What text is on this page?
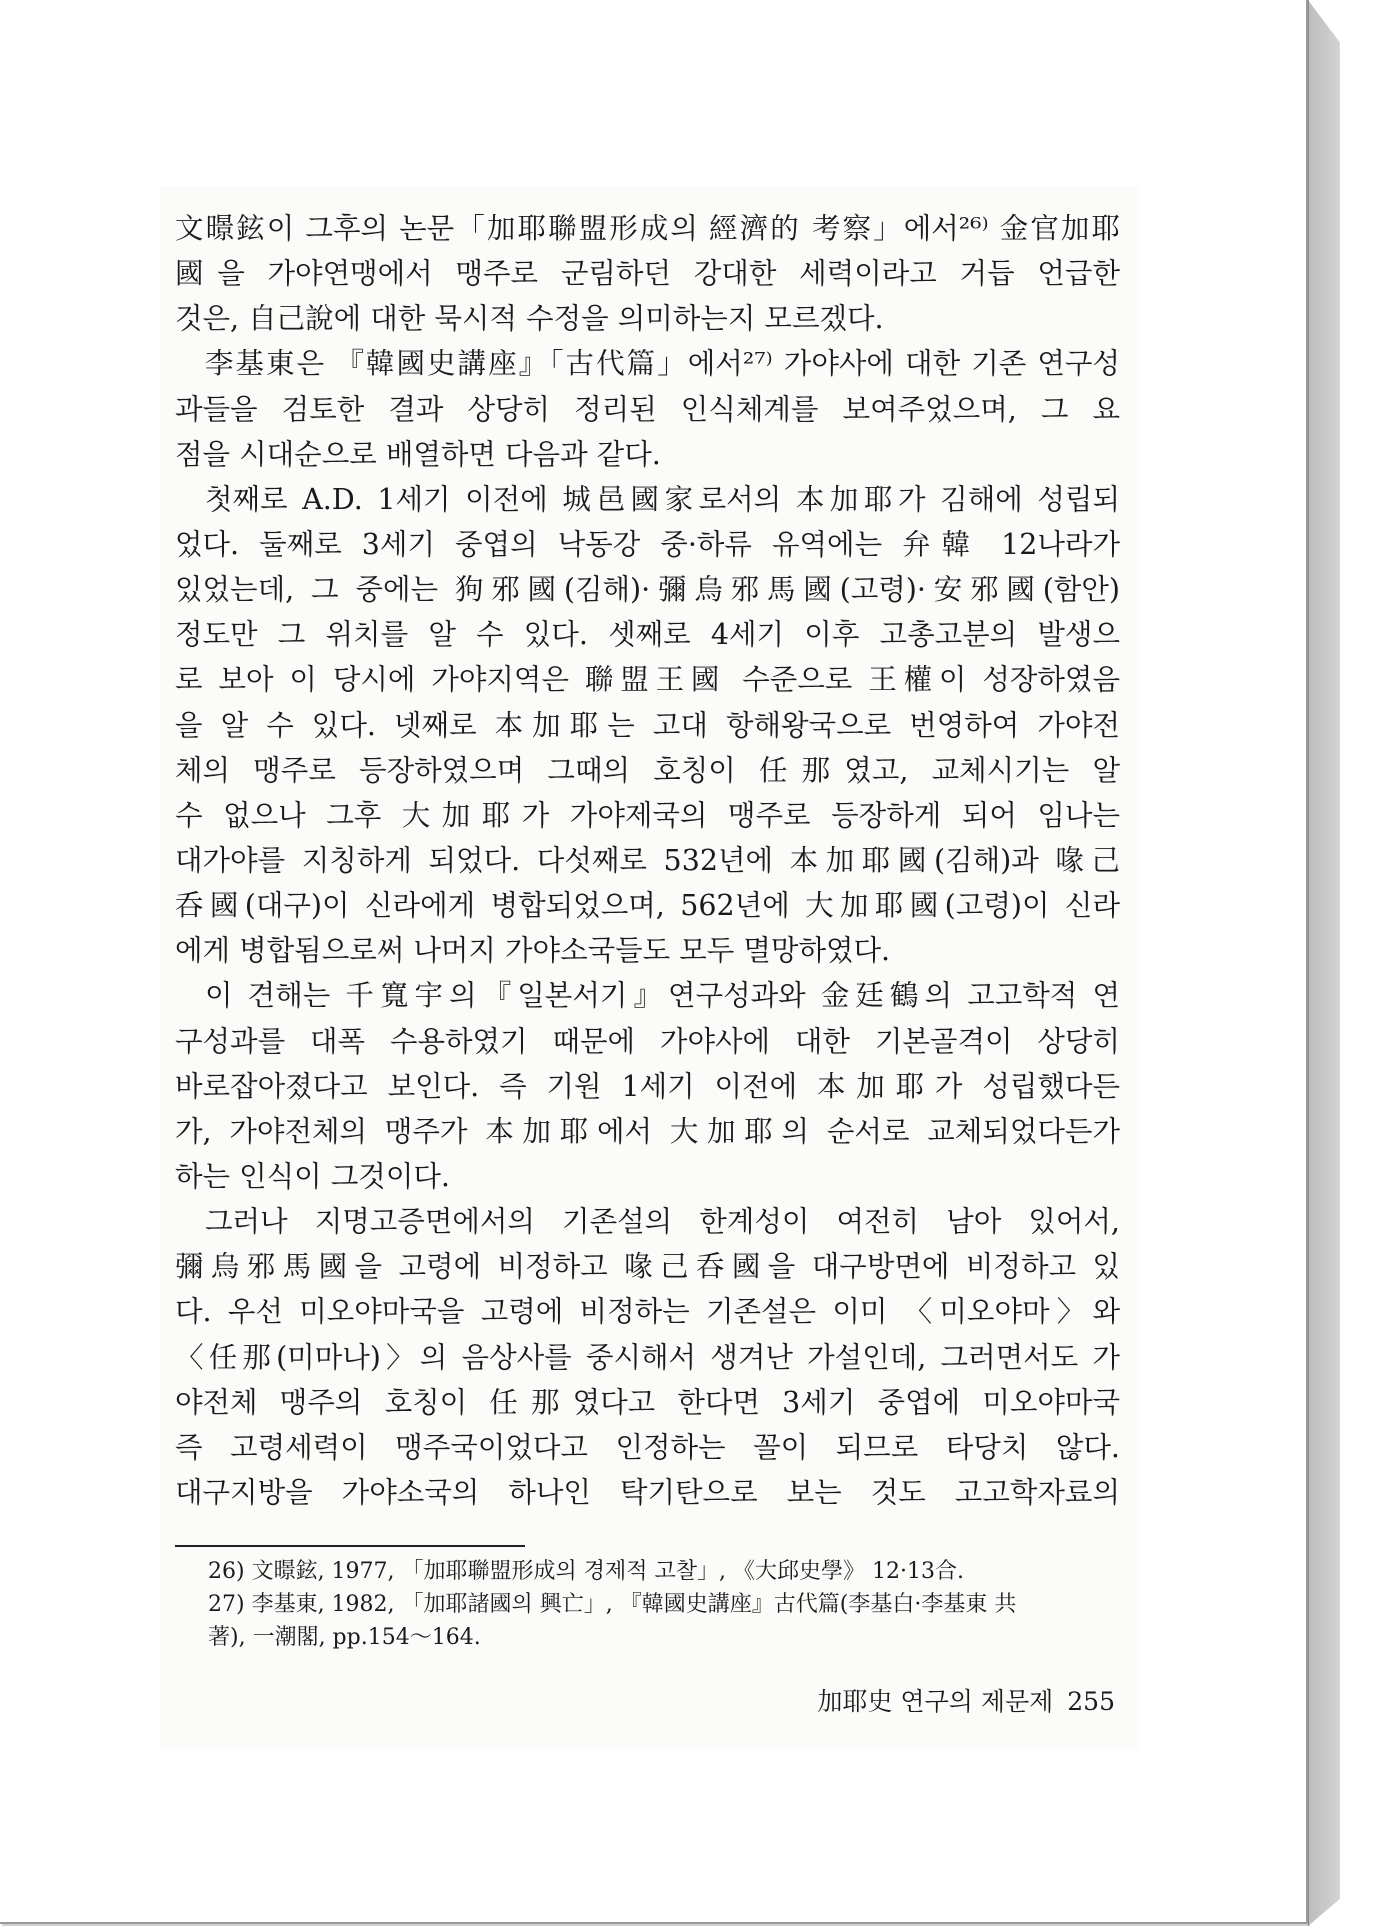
文暻鉉이 그후의 논문「加耶聯盟形成의 經濟的 考察」에서²⁶⁾ 金官加耶
國을 가야연맹에서 맹주로 군림하던 강대한 세력이라고 거듭 언급한
것은, 自己說에 대한 묵시적 수정을 의미하는지 모르겠다.
李基東은 『韓國史講座』「古代篇」에서²⁷⁾ 가야사에 대한 기존 연구성
과들을 검토한 결과 상당히 정리된 인식체계를 보여주었으며, 그 요
점을 시대순으로 배열하면 다음과 같다.
첫째로 A.D. 1세기 이전에 城邑國家로서의 本加耶가 김해에 성립되
었다. 둘째로 3세기 중엽의 낙동강 중·하류 유역에는 弁韓 12나라가
있었는데, 그 중에는 狗邪國(김해)·彌烏邪馬國(고령)·安邪國(함안)
정도만 그 위치를 알 수 있다. 셋째로 4세기 이후 고총고분의 발생으
로 보아 이 당시에 가야지역은 聯盟王國 수준으로 王權이 성장하였음
을 알 수 있다. 넷째로 本加耶는 고대 항해왕국으로 번영하여 가야전
체의 맹주로 등장하였으며 그때의 호칭이 任那였고, 교체시기는 알
수 없으나 그후 大加耶가 가야제국의 맹주로 등장하게 되어 임나는
대가야를 지칭하게 되었다. 다섯째로 532년에 本加耶國(김해)과 喙己
呑國(대구)이 신라에게 병합되었으며, 562년에 大加耶國(고령)이 신라
에게 병합됨으로써 나머지 가야소국들도 모두 멸망하였다.
이 견해는 千寬宇의『일본서기』연구성과와 金廷鶴의 고고학적 연
구성과를 대폭 수용하였기 때문에 가야사에 대한 기본골격이 상당히
바로잡아졌다고 보인다. 즉 기원 1세기 이전에 本加耶가 성립했다든
가, 가야전체의 맹주가 本加耶에서 大加耶의 순서로 교체되었다든가
하는 인식이 그것이다.
그러나 지명고증면에서의 기존설의 한계성이 여전히 남아 있어서,
彌烏邪馬國을 고령에 비정하고 喙己呑國을 대구방면에 비정하고 있
다. 우선 미오야마국을 고령에 비정하는 기존설은 이미 〈미오야마〉와
〈任那(미마나)〉의 음상사를 중시해서 생겨난 가설인데, 그러면서도 가
야전체 맹주의 호칭이 任那였다고 한다면 3세기 중엽에 미오야마국
즉 고령세력이 맹주국이었다고 인정하는 꼴이 되므로 타당치 않다.
대구지방을 가야소국의 하나인 탁기탄으로 보는 것도 고고학자료의
26) 文暻鉉, 1977, 「加耶聯盟形成의 경제적 고찰」, 《大邱史學》 12·13合.
27) 李基東, 1982, 「加耶諸國의 興亡」, 『韓國史講座』古代篇(李基白·李基東 共
著), 一潮閣, pp.154～164.
加耶史 연구의 제문제 255
